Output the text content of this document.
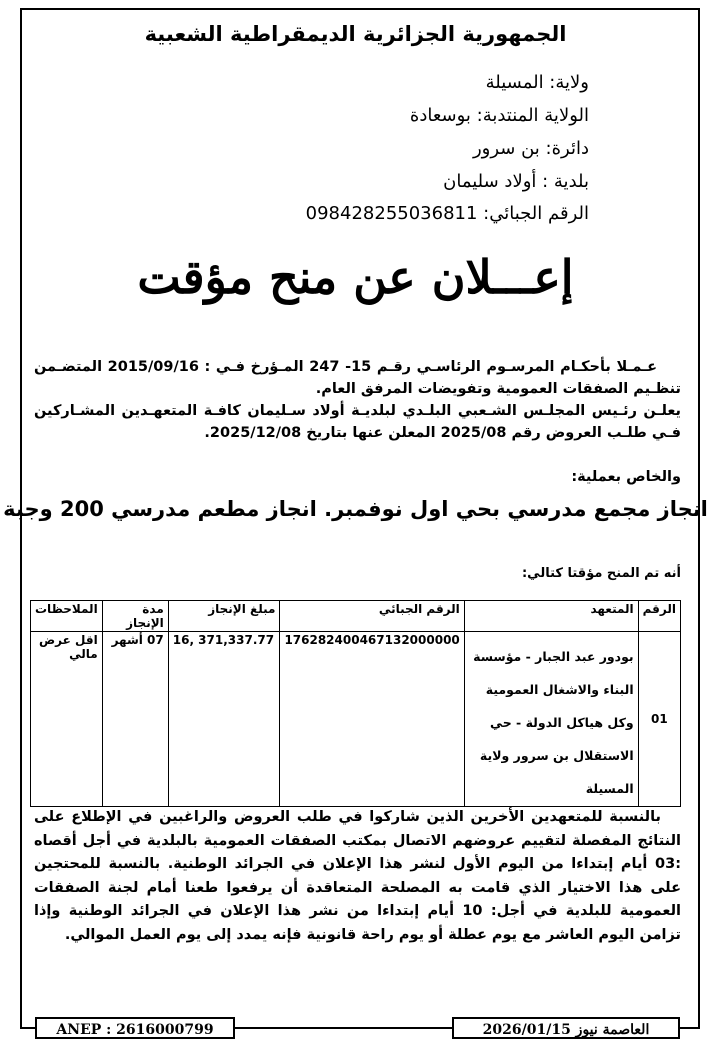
الجمهورية الجزائرية الديمقراطية الشعبية
ولاية: المسيلة
الولاية المنتدبة: بوسعادة
دائرة: بن سرور
بلدية : أولاد سليمان
الرقم الجبائي: 098428255036811
إعـــلان عن منح مؤقت
عـمـلا بأحكـام المرسـوم الرئاسـي رقـم 15- 247 المـؤرخ فـي : 2015/09/16 المتضـمن تنظـيم الصفقات العمومية وتفويضات المرفق العام.
يعلـن رئـيس المجلـس الشـعبي البلـدي لبلديـة أولاد سـليمان كافـة المتعهـدين المشـاركين فـي طلـب العروض رقم 2025/08 المعلن عنها بتاريخ 2025/12/08.
والخاص بعملية:
انجاز مجمع مدرسي بحي اول نوفمبر. انجاز مطعم مدرسي 200 وجبة
أنه تم المنح مؤقتا كتالي:
الرقم	المتعهد	الرقم الجبائي	مبلغ الإنجاز	مدة الإنجاز	الملاحظات
01	بودور عبد الجبار - مؤسسة البناء والاشغال العمومية وكل هياكل الدولة - حي الاستقلال بن سرور ولاية المسيلة	176282400467132000000	16, 371,337.77	07 أشهر	اقل عرض مالي
بالنسبة للمتعهدين الأخرين الذين شاركوا في طلب العروض والراغبين في الإطلاع على النتائج المفصلة لتقييم عروضهم الاتصال بمكتب الصفقات العمومية بالبلدية في أجل أقصاه :03 أيام إبتداءا من اليوم الأول لنشر هذا الإعلان في الجرائد الوطنية. بالنسبة للمحتجين على هذا الاختيار الذي قامت به المصلحة المتعاقدة أن يرفعوا طعنا أمام لجنة الصفقات العمومية للبلدية في أجل: 10 أيام إبتداءا من نشر هذا الإعلان في الجرائد الوطنية وإذا تزامن اليوم العاشر مع يوم عطلة أو يوم راحة قانونية فإنه يمدد إلى يوم العمل الموالي.
ANEP : 2616000799	العاصمة نيوز 2026/01/15
